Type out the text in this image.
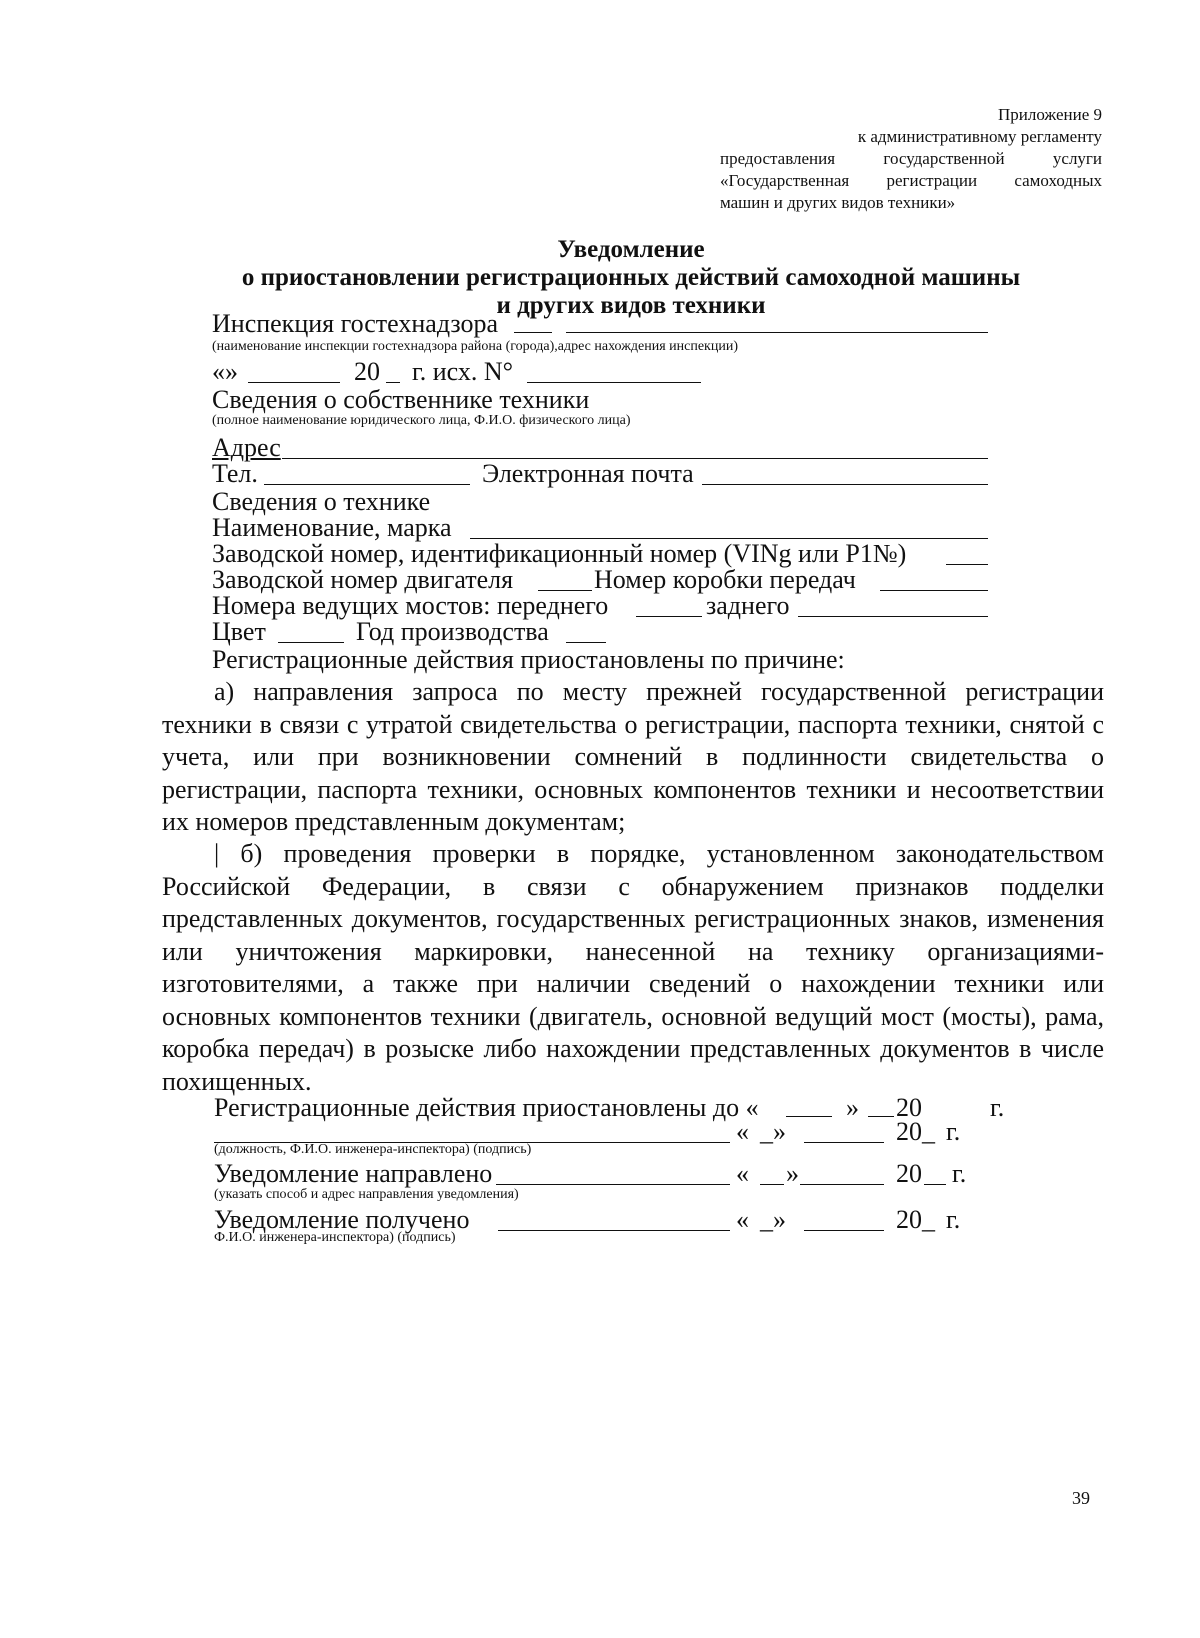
Приложение 9
к административному регламенту
предоставления государственной услуги
«Государственная регистрации самоходных
машин и других видов техники»
Уведомление
о приостановлении регистрационных действий самоходной машины
и других видов техники
Инспекция гостехнадзора
(наименование инспекции гостехнадзора района (города),адрес нахождения инспекции)
«»	20 г. исх. N°
Сведения о собственнике техники
(полное наименование юридического лица, Ф.И.О. физического лица)
Адрес
Тел.	Электронная почта
Сведения о технике
Наименование, марка
Заводской номер, идентификационный номер (VINg или P1№)
Заводской номер двигателя	Номер коробки передач
Номера ведущих мостов: переднего	заднего
Цвет	Год производства
Регистрационные действия приостановлены по причине:
а) направления запроса по месту прежней государственной регистрации техники в связи с утратой свидетельства о регистрации, паспорта техники, снятой с учета, или при возникновении сомнений в подлинности свидетельства о регистрации, паспорта техники, основных компонентов техники и несоответствии их номеров представленным документам;
| б) проведения проверки в порядке, установленном законодательством Российской Федерации, в связи с обнаружением признаков подделки представленных документов, государственных регистрационных знаков, изменения или уничтожения маркировки, нанесенной на технику организациями-изготовителями, а также при наличии сведений о нахождении техники или основных компонентов техники (двигатель, основной ведущий мост (мосты), рама, коробка передач) в розыске либо нахождении представленных документов в числе похищенных.
Регистрационные действия приостановлены до «	» 20	г.
« _»	20_ г.
(должность, Ф.И.О. инженера-инспектора) (подпись)
Уведомление направлено	« »	20 г.
(указать способ и адрес направления уведомления)
Уведомление получено	« _»	20_ г.
Ф.И.О. инженера-инспектора) (подпись)
39
